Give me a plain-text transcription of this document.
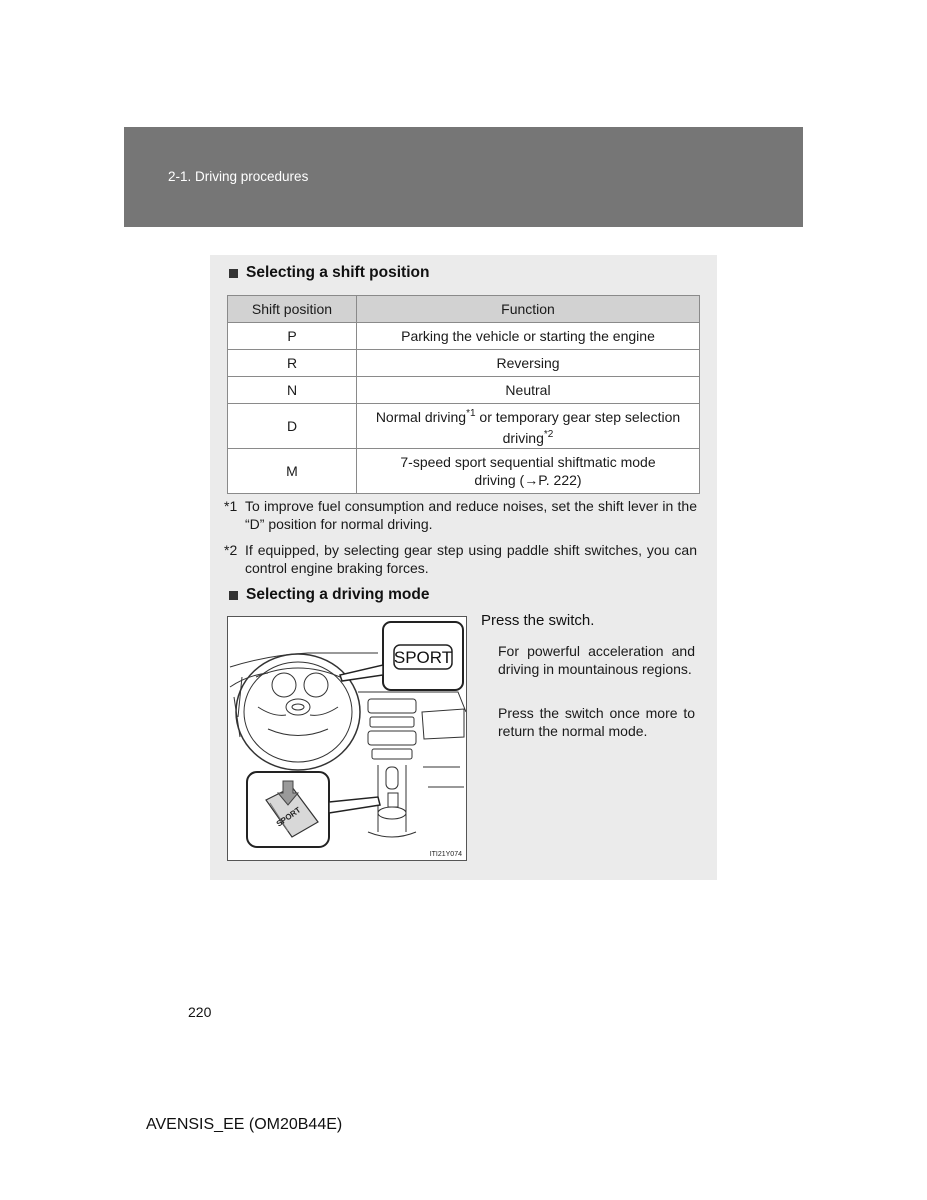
2-1. Driving procedures
Selecting a shift position
Shift position	Function
P	Parking the vehicle or starting the engine
R	Reversing
N	Neutral
D	Normal driving$^{*1}$ or temporary gear step selection driving$^{*2}$
M	7-speed sport sequential shiftmatic mode
driving (→P. 222)
*1 To improve fuel consumption and reduce noises, set the shift lever in the “D” position for normal driving.
*2 If equipped, by selecting gear step using paddle shift switches, you can control engine braking forces.
Selecting a driving mode
SPORT
SPORT
ITI21Y074
Press the switch.
For powerful acceleration and driving in mountainous regions.
Press the switch once more to return the normal mode.
220
AVENSIS_EE (OM20B44E)
